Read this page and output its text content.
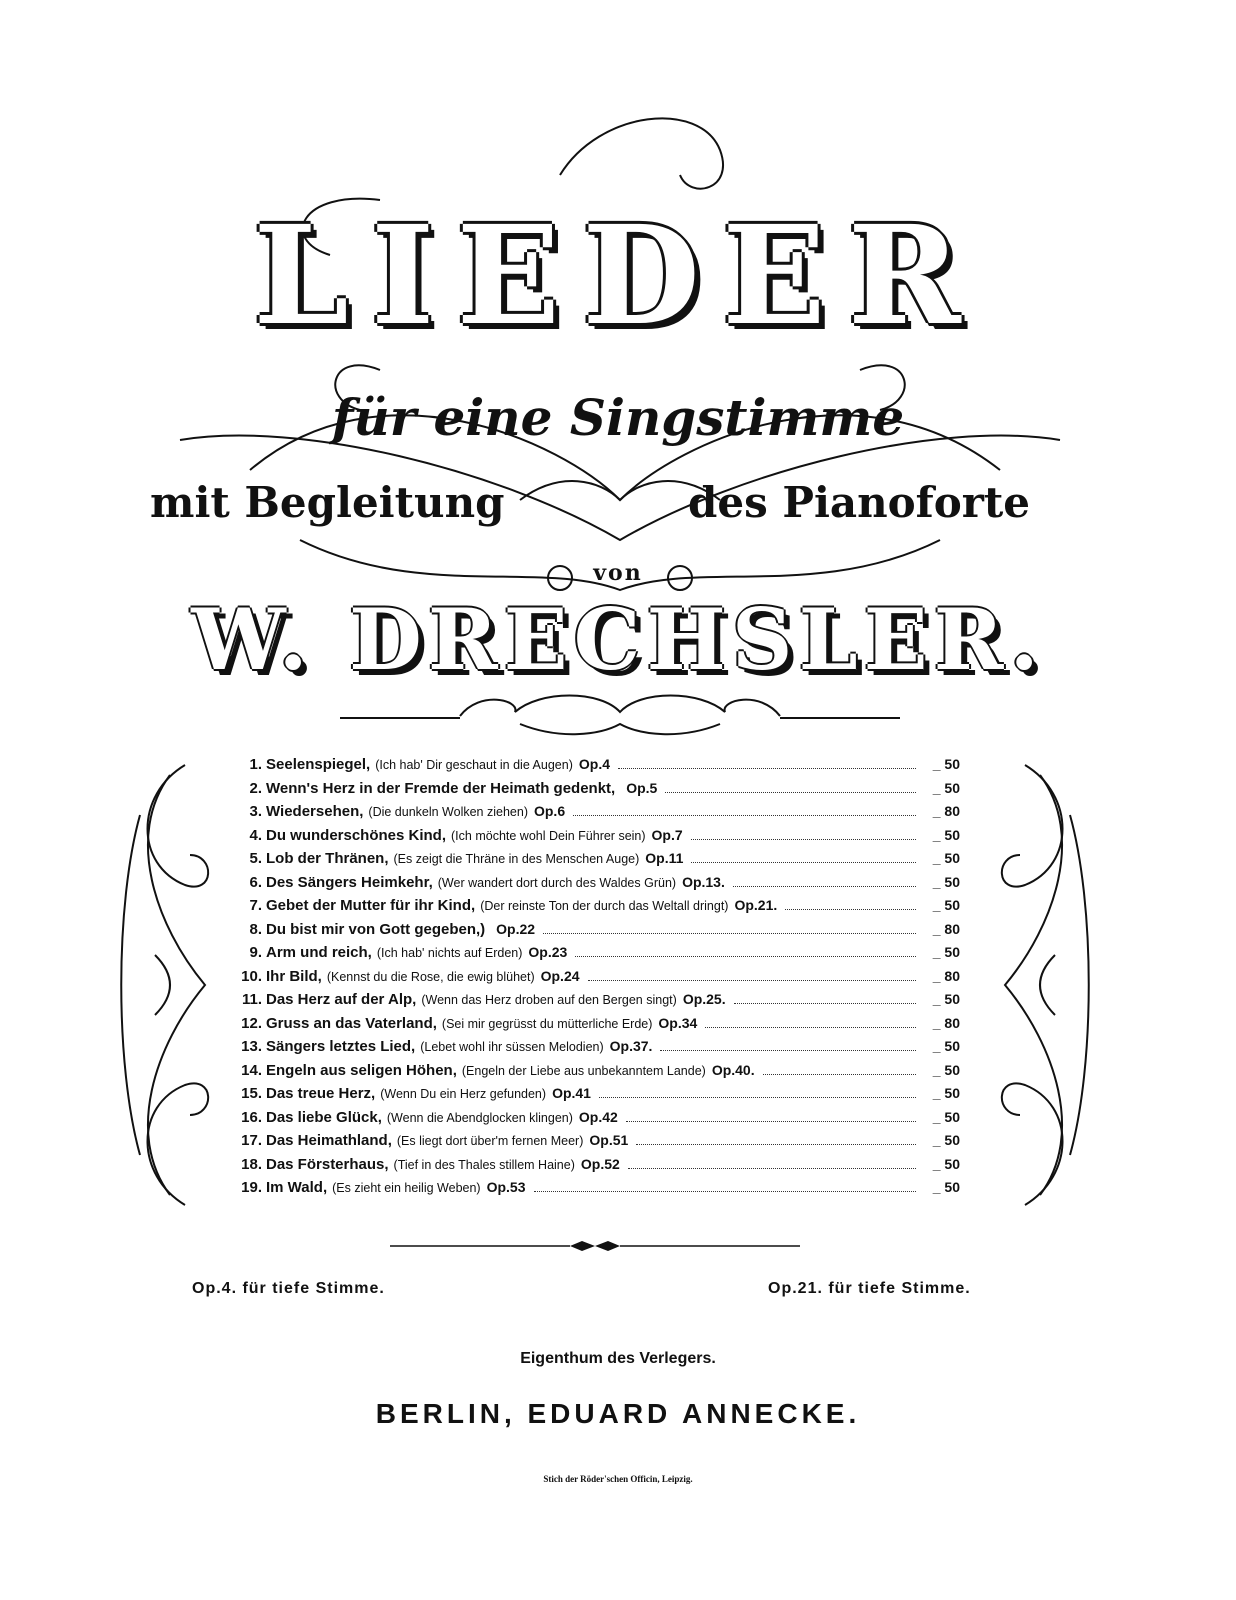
LIEDER
für eine Singstimme
mit Begleitung	des Pianoforte
von
W. DRECHSLER.
1. Seelenspiegel, (Ich hab' Dir geschaut in die Augen) Op.4	_ 50
2. Wenn's Herz in der Fremde der Heimath gedenkt, Op.5	_ 50
3. Wiedersehen, (Die dunkeln Wolken ziehen) Op.6	_ 80
4. Du wunderschönes Kind, (Ich möchte wohl Dein Führer sein) Op.7	_ 50
5. Lob der Thränen, (Es zeigt die Thräne in des Menschen Auge) Op.11	_ 50
6. Des Sängers Heimkehr, (Wer wandert dort durch des Waldes Grün) Op.13.	_ 50
7. Gebet der Mutter für ihr Kind, (Der reinste Ton der durch das Weltall dringt) Op.21.	_ 50
8. Du bist mir von Gott gegeben,) Op.22	_ 80
9. Arm und reich, (Ich hab' nichts auf Erden) Op.23	_ 50
10. Ihr Bild, (Kennst du die Rose, die ewig blühet) Op.24	_ 80
11. Das Herz auf der Alp, (Wenn das Herz droben auf den Bergen singt) Op.25.	_ 50
12. Gruss an das Vaterland, (Sei mir gegrüsst du mütterliche Erde) Op.34	_ 80
13. Sängers letztes Lied, (Lebet wohl ihr süssen Melodien) Op.37.	_ 50
14. Engeln aus seligen Höhen, (Engeln der Liebe aus unbekanntem Lande) Op.40.	_ 50
15. Das treue Herz, (Wenn Du ein Herz gefunden) Op.41	_ 50
16. Das liebe Glück, (Wenn die Abendglocken klingen) Op.42	_ 50
17. Das Heimathland, (Es liegt dort über'm fernen Meer) Op.51	_ 50
18. Das Försterhaus, (Tief in des Thales stillem Haine) Op.52	_ 50
19. Im Wald, (Es zieht ein heilig Weben) Op.53	_ 50
Op.4. für tiefe Stimme.	Op.21. für tiefe Stimme.
Eigenthum des Verlegers.
BERLIN, EDUARD ANNECKE.
Stich der Röder'schen Officin, Leipzig.
